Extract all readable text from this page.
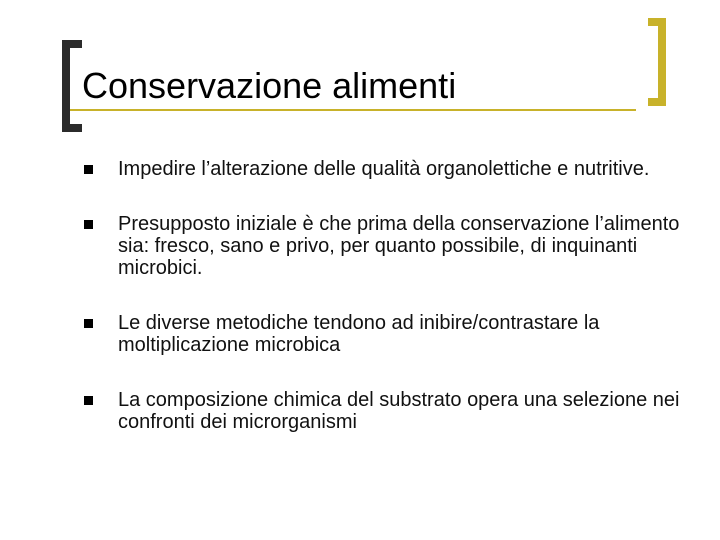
Conservazione alimenti
Impedire l’alterazione delle qualità organolettiche e nutritive.
Presupposto iniziale è che prima della conservazione l’alimento sia: fresco, sano e privo, per quanto possibile, di inquinanti microbici.
Le diverse metodiche tendono ad inibire/contrastare la moltiplicazione microbica
La composizione chimica del substrato opera una selezione nei confronti dei microrganismi
